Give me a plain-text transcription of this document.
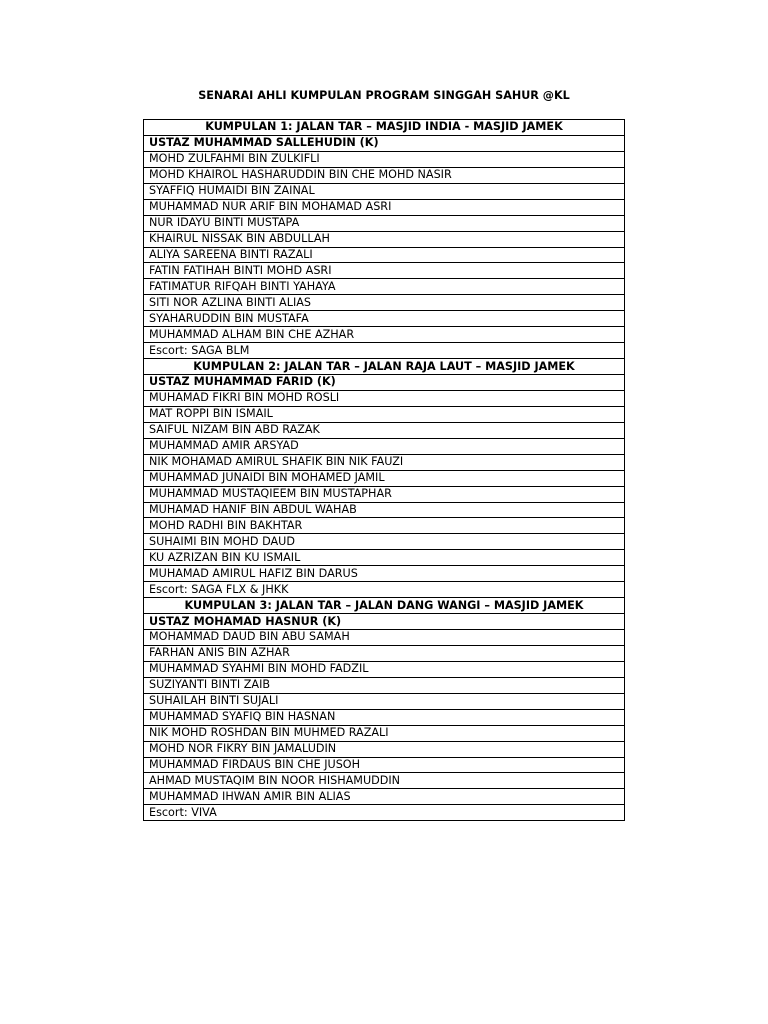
SENARAI AHLI KUMPULAN PROGRAM SINGGAH SAHUR @KL
KUMPULAN 1: JALAN TAR – MASJID INDIA - MASJID JAMEK
USTAZ MUHAMMAD SALLEHUDIN (K)
MOHD ZULFAHMI BIN ZULKIFLI
MOHD KHAIROL HASHARUDDIN BIN CHE MOHD NASIR
SYAFFIQ HUMAIDI BIN ZAINAL
MUHAMMAD NUR ARIF BIN MOHAMAD ASRI
NUR IDAYU BINTI MUSTAPA
KHAIRUL NISSAK BIN ABDULLAH
ALIYA SAREENA BINTI RAZALI
FATIN FATIHAH BINTI MOHD ASRI
FATIMATUR RIFQAH BINTI YAHAYA
SITI NOR AZLINA BINTI ALIAS
SYAHARUDDIN BIN MUSTAFA
MUHAMMAD ALHAM BIN CHE AZHAR
Escort: SAGA BLM
KUMPULAN 2: JALAN TAR – JALAN RAJA LAUT – MASJID JAMEK
USTAZ MUHAMMAD FARID (K)
MUHAMAD FIKRI BIN MOHD ROSLI
MAT ROPPI BIN ISMAIL
SAIFUL NIZAM BIN ABD RAZAK
MUHAMMAD AMIR ARSYAD
NIK MOHAMAD AMIRUL SHAFIK BIN NIK FAUZI
MUHAMMAD JUNAIDI BIN MOHAMED JAMIL
MUHAMMAD MUSTAQIEEM BIN MUSTAPHAR
MUHAMAD HANIF BIN ABDUL WAHAB
MOHD RADHI BIN BAKHTAR
SUHAIMI BIN MOHD DAUD
KU AZRIZAN BIN KU ISMAIL
MUHAMAD AMIRUL HAFIZ BIN DARUS
Escort: SAGA FLX & JHKK
KUMPULAN 3: JALAN TAR – JALAN DANG WANGI – MASJID JAMEK
USTAZ MOHAMAD HASNUR (K)
MOHAMMAD DAUD BIN ABU SAMAH
FARHAN ANIS BIN AZHAR
MUHAMMAD SYAHMI BIN MOHD FADZIL
SUZIYANTI BINTI ZAIB
SUHAILAH BINTI SUJALI
MUHAMMAD SYAFIQ BIN HASNAN
NIK MOHD ROSHDAN BIN MUHMED RAZALI
MOHD NOR FIKRY BIN JAMALUDIN
MUHAMMAD FIRDAUS BIN CHE JUSOH
AHMAD MUSTAQIM BIN NOOR HISHAMUDDIN
MUHAMMAD IHWAN AMIR BIN ALIAS
Escort: VIVA
